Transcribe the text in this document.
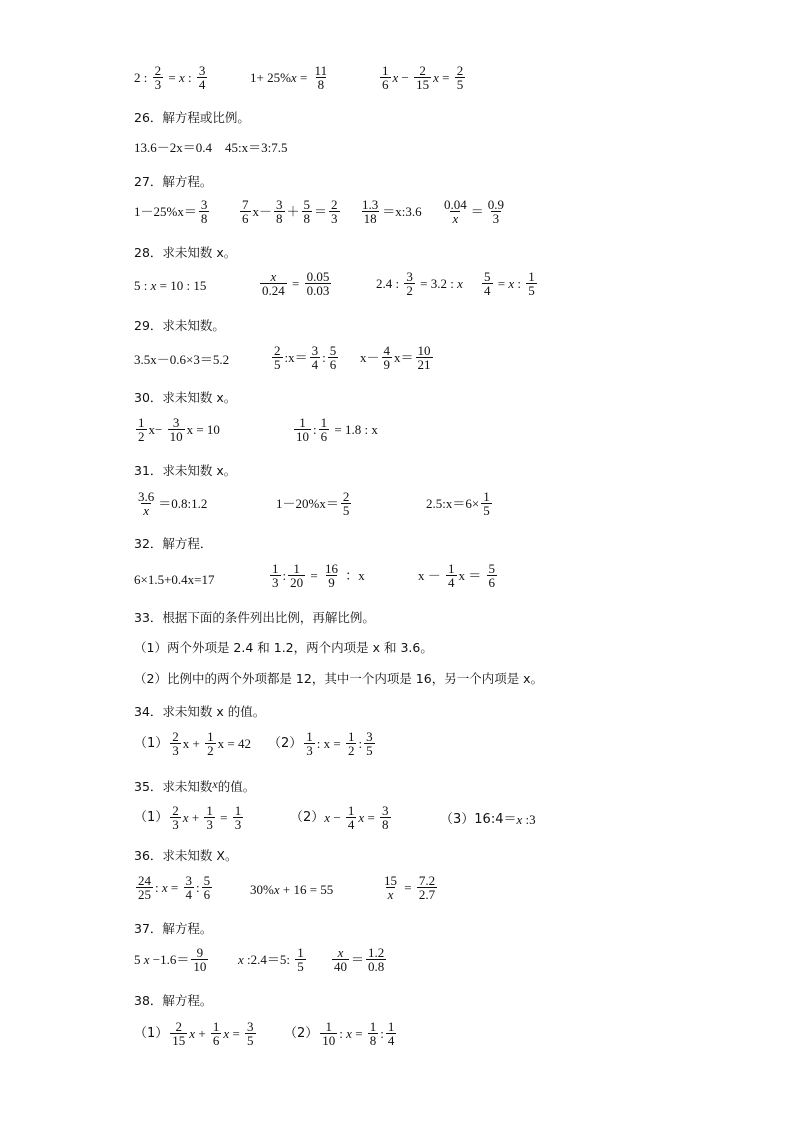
2 : $\frac{2}{3} = x$ : $\frac{3}{4}$	1+ 25% $x = \frac{11}{8}$	$\frac{1}{6}$ $x - \frac{2}{15}$ $x = \frac{2}{5}$
26．解方程或比例。
13.6－2x＝0.4　45:x＝3:7.5
27．解方程。
$1-25\%x= \frac{3}{8} \frac{7}{6} x- \frac{3}{8} + \frac{5}{8} = \frac{2}{3} \frac{1.3}{18}$ ＝x:3.6 $\frac{0.04}{x} = \frac{0.9}{3}$
28．求未知数 x。
5 : x = 10 : 15	$\frac{x}{0.24} = \frac{0.05}{0.03}$	2.4 : $\frac{3}{2} = 3.2$ : x $\frac{5}{4} = x$ : $\frac{1}{5}$
29．求未知数。
3.5x－0.6×3＝5.2	$\frac{2}{5}$ :x＝ $\frac{3}{4}$ : $\frac{5}{6} x- \frac{4}{9} x= \frac{10}{21}$
30．求未知数 x。
$\frac{1}{2} x- \frac{3}{10}$ x = 10	$\frac{1}{10}$ : $\frac{1}{6} = 1.8$ : x
31．求未知数 x。
$\frac{3.6}{x}$ ＝0.8:1.2	$1-20\%x= \frac{2}{5}$	2.5:x＝6× $\frac{1}{5}$
32．解方程．
6×1.5+0.4x=17	$\frac{1}{3}$ : $\frac{1}{20} = \frac{16}{9}$ ：x	$x - \frac{1}{4}$ $x = \frac{5}{6}$
33．根据下面的条件列出比例，再解比例。
（1）两个外项是 2.4 和 1.2，两个内项是 x 和 3.6。
（2）比例中的两个外项都是 12，其中一个内项是 16，另一个内项是 x。
34．求未知数 x 的值。
$(1) \frac{2}{3}$ $x + \frac{1}{2}$ x = 42 $(2) \frac{1}{3}$ : $x = \frac{1}{2}$ : $\frac{3}{5}$
35．求未知数x的值。
$(1) \frac{2}{3}$ $x + \frac{1}{3} = \frac{1}{3}$	（2） $x - \frac{1}{4}$ $x = \frac{3}{8}$	（3）16:4＝ x :3
36．求未知数 X。
$\frac{24}{25}$ : $x = \frac{3}{4}$ : $\frac{5}{6}$	30% x + 16 = 55	$\frac{15}{x} = \frac{7.2}{2.7}$
37．解方程。
5 $x -1.6= \frac{9}{10}$ x :2.4＝5: $\frac{1}{5} \frac{x}{40} = \frac{1.2}{0.8}$
38．解方程。
$(1) \frac{2}{15}$ $x + \frac{1}{6}$ $x = \frac{3}{5} (2) \frac{1}{10}$ : $x = \frac{1}{8}$ : $\frac{1}{4}$
